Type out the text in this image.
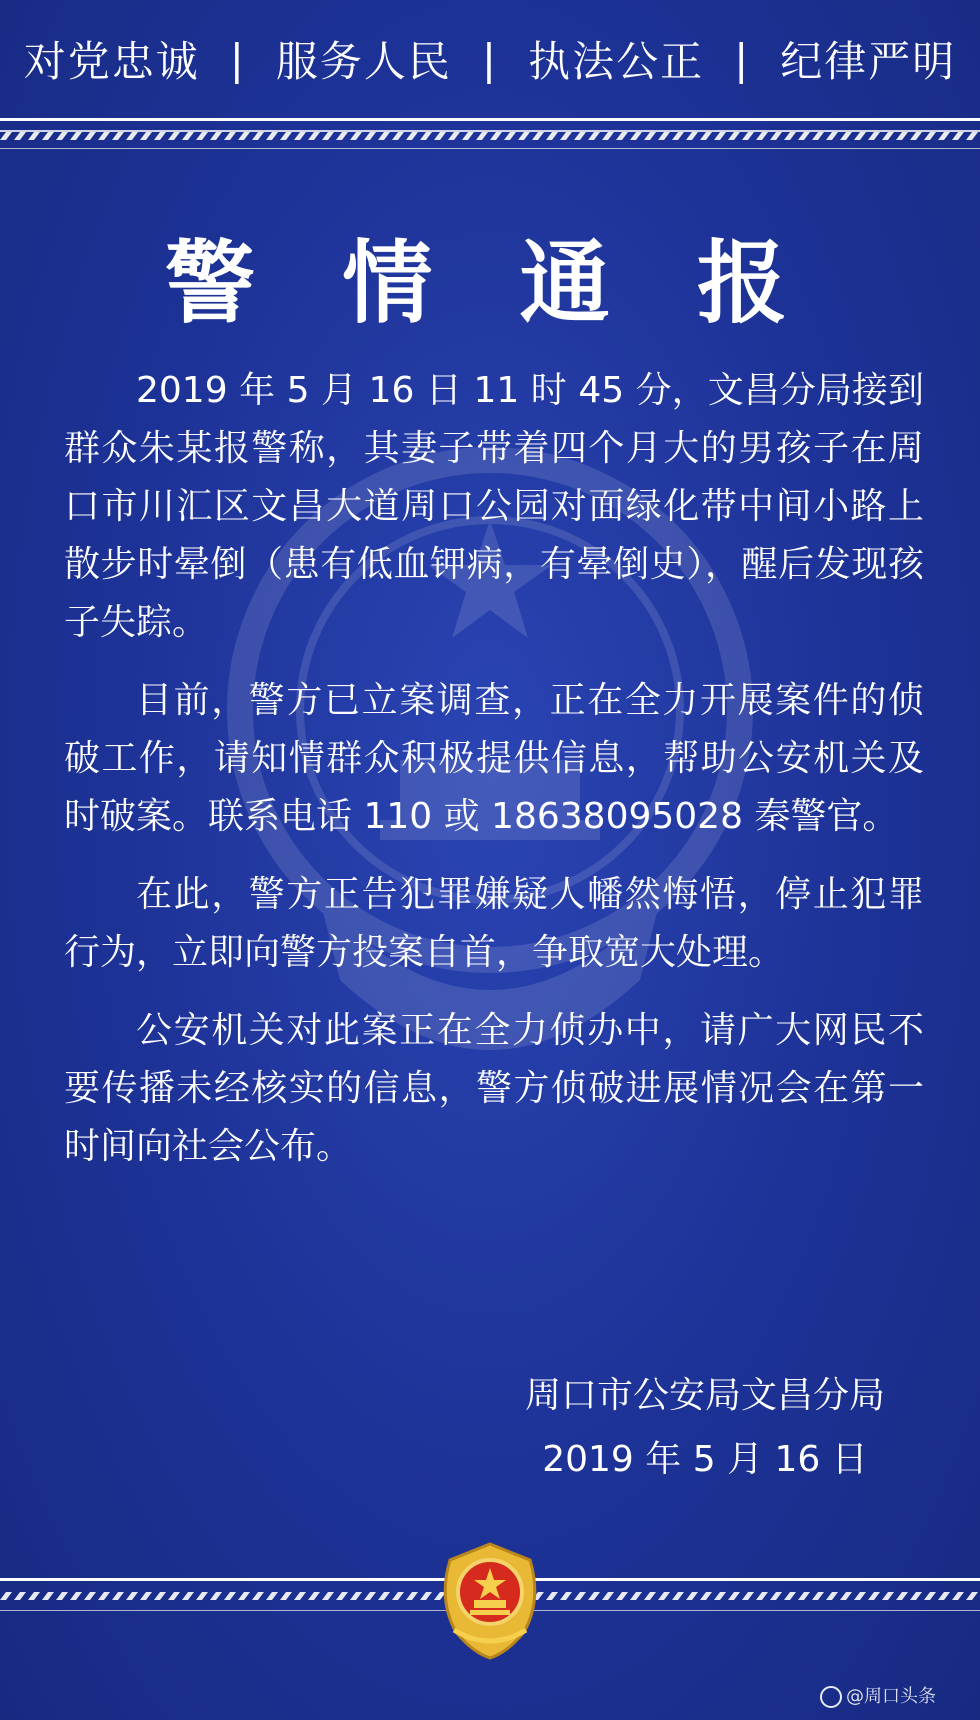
对党忠诚 | 服务人民 | 执法公正 | 纪律严明
警 情 通 报

2019 年 5 月 16 日 11 时 45 分，文昌分局接到群众朱某报警称，其妻子带着四个月大的男孩子在周口市川汇区文昌大道周口公园对面绿化带中间小路上散步时晕倒（患有低血钾病，有晕倒史），醒后发现孩子失踪。

目前，警方已立案调查，正在全力开展案件的侦破工作，请知情群众积极提供信息，帮助公安机关及时破案。联系电话 110 或 18638095028 秦警官。

在此，警方正告犯罪嫌疑人幡然悔悟，停止犯罪行为，立即向警方投案自首，争取宽大处理。

公安机关对此案正在全力侦办中，请广大网民不要传播未经核实的信息，警方侦破进展情况会在第一时间向社会公布。

周口市公安局文昌分局
2019 年 5 月 16 日
@周口头条
